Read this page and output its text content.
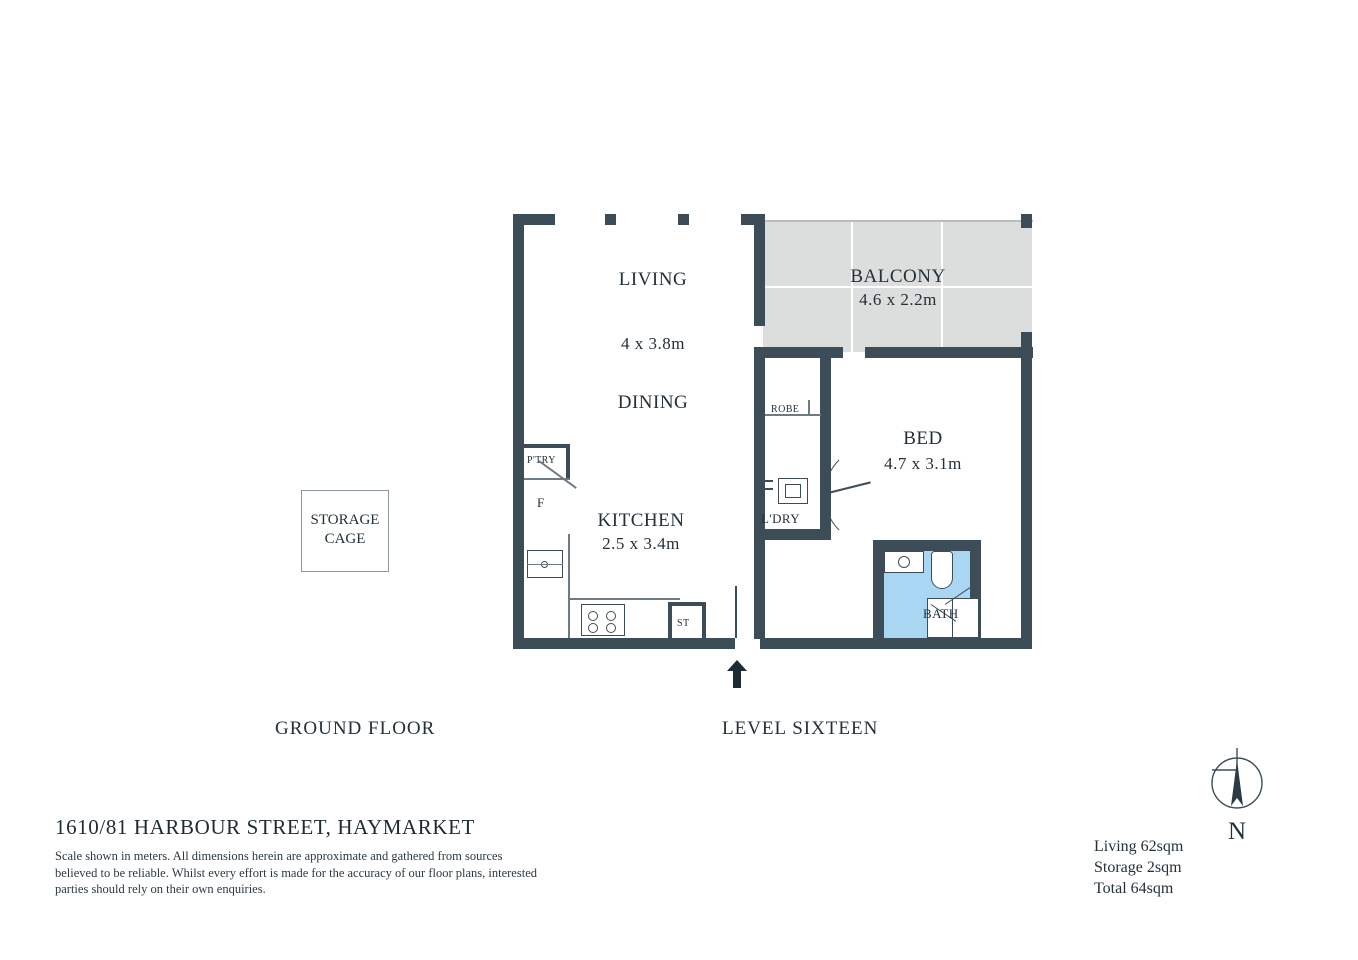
LIVING
4 x 3.8m
DINING
KITCHEN
2.5 x 3.4m
BALCONY
4.6 x 2.2m
BED
4.7 x 3.1m
BATH
L'DRY
ROBE
P'TRY
F
ST
STORAGE
CAGE
GROUND FLOOR	LEVEL SIXTEEN
1610/81 HARBOUR STREET, HAYMARKET
Scale shown in meters. All dimensions herein are approximate and gathered from sources believed to be reliable. Whilst every effort is made for the accuracy of our floor plans, interested parties should rely on their own enquiries.
Living 62sqm
Storage 2sqm
Total 64sqm
N
